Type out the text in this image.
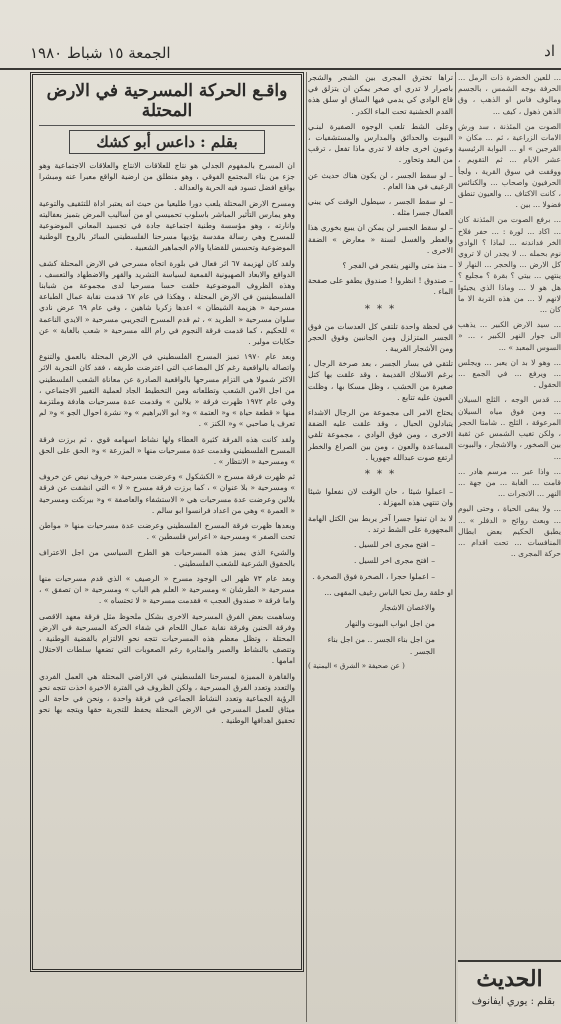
الجمعة ١٥ شباط ١٩٨٠	اد
واقـع الحركة المسرحية في الارض المحتلة
بقلم : داعس أبو كشك

ان المسرح بالمفهوم الجدلي هو نتاج للعلاقات الانتاج والعلاقات الاجتماعية وهو جزء من بناء المجتمع الفوقي ، وهو منطلق من ارضية الواقع معبرا عنه ومبشرا بواقع افضل تسود فيه الحرية والعدالة .

ومسرح الارض المحتلة يلعب دورا طليعيا من حيث انه يعتبر اداة للتثقيف والتوعية وهو يمارس التأثير المباشر باسلوب تحميسي او من أساليب المرض بتميز بعفاليته وانارته ، وهو مؤسسة وطنية اجتماعية جادة في تجسيد المعاني الموضوعية للمسرح وهي رسالة مقدسة يؤديها مسرحنا الفلسطيني السائر بالروح الوطنية الموضوعية وتحسس للقضايا والام الجماهير الشعبية .

ولقد كان لهزيمة ٦٧ اثر فعال في بلورة اتجاه مسرحي في الارض المحتلة كشف الدوافع والابعاد الصهيونية القمعية لسياسة التشريد والقهر والاضطهاد والتعسف ، وهذه الظروف الموضوعية خلقت حسا مسرحيا لدى مجموعة من شبابنا الفلسطينيين في الارض المحتلة ، وهكذا في عام ٦٧ قدمت نقابة عمال الطباعة مسرحية « هزيمة الشيطان » اعدها زكريا شاهين ، وفي عام ٦٩ عرض نادي سلوان مسرحية « الطريد » ، ثم قدم المسرح التجريبي مسرحية « الايدي الناعمة » للحكيم ، كما قدمت فرقة النجوم في رام الله مسرحية « شعب بالغابة » عن حكايات مولير .

وبعد عام ١٩٧٠ تميز المسرح الفلسطيني في الارض المحتلة بالعمق والتنوع واتصاله بالواقعية رغم كل المصاعب التي اعترضت طريقه ، فقد كان التجربة الاثر الاكثر شمولا هي التزام مسرحها بالواقعية الصادرة عن معاناة الشعب الفلسطيني من اجل الامن الشعب وتطلعاته ومن التخطيط الجاد لعملية التغيير الاجتماعي ، وفي عام ١٩٧٢ ظهرت فرقة « بلالين » وقدمت عدة مسرحيات هادفة وملتزمة منها « قطعة حياة » و« العتمة » و« ابو الابراهيم » و« نشرة احوال الجو » و« لم تعرف يا صاحبي » و« الكنز » .

ولقد كانت هذه الفرقة كثيرة العطاء ولها نشاط اسهامه قوي ، ثم برزت فرقة المسرح الفلسطيني وقدمت عدة مسرحيات منها « المزرعة » و« الحق على الحق » ومسرحية « الانتظار » .

ثم ظهرت فرقة مسرح « الكشكول » وعرضت مسرحية « خروف نيص عن خروف » ومسرحية « بلا عنوان » ، كما برزت فرقة مسرح « لا » التي انشقت عن فرقة بلالين وعرضت عدة مسرحيات هي « الاستشفاء والعاصفة » و« بيرنكت ومسرحية « العمرة » وهي من اعداد فرانسوا ابو سالم .

وبعدها ظهرت فرقة المسرح الفلسطيني وعرضت عدة مسرحيات منها « مواطن تحت الصفر » ومسرحية « اعراس فلسطين » .

والشيء الذي يميز هذه المسرحيات هو الطرح السياسي من اجل الاعتراف بالحقوق الشرعية للشعب الفلسطيني .

وبعد عام ٧٣ ظهر الى الوجود مسرح « الرصيف » الذي قدم مسرحيات منها مسرحية « الطرشان » ومسرحية « العلم هم الباب » ومسرحية « ان تصفق » ، واما فرقة « صندوق العجب » فقدمت مسرحية « لا تحتساه » .

وساهمت بعض الفرق المسرحية الاخرى بشكل ملحوظ مثل فرقة معهد الاقصى وفرقة الحنين وفرقة نقابة عمال اللحام في شقاء الحركة المسرحية في الارض المحتلة ، وتظل معظم هذه المسرحيات تتجه نحو الالتزام بالقضية الوطنية ، وتتصف بالنشاط والصبر والمثابرة رغم الصعوبات التي تضعها سلطات الاحتلال امامها .

والقاهرة المميزة لمسرحنا الفلسطيني في الاراضي المحتلة هي العمل الفردي والتعدد وتعدد الفرق المسرحية ، ولكن الظروف في الفترة الاخيرة اخذت تتجه نحو الرؤية الجماعية وتعدد النشاط الجماعي في فرقة واحدة ، ونحن في حاجة الى ميثاق للعمل المسرحي في الارض المحتلة يحفظ للتجربة حقها ويتجه بها نحو تحقيق اهدافها الوطنية .

تراها تخترق المجرى بين الشجر والشجر باصرار لا تدري اي صخر يمكن ان يتزلق في قاع الوادي كي يدمي فيها الساق او سلق هذه القدم الخشنية تحت الماء الكدر .

وعلى الشط تلعب الوجوه الصفيرة لبنـي البيوت والحدائق والمدارس والمستشفيات ، وعيون اخرى جافة لا تدري ماذا تفعل ، ترقب من البعد وتحاور .

– لو سقط الجسر ، لن يكون هناك حديث عن الرغيف في هذا العام .

– لو سقط الجسر ، سيطول الوقت كي يبني العمال جسرا مثله .

– لو سقط الجسر لن يمكن ان يبيع بخوري هذا والعطر والغسل لسنة « معارض » الضفة الاخرى .

– منذ متى والنهر يتفجر في الفجر ؟

– صندوق ! انظروا ! صندوق يطفو على صفحة الماء .

* * *

في لحظة واحدة تلتقي كل العدسات من فوق الجسر المتزلزل ومن الجانبين وفوق الحجر ومن الأشجار القريبة .

تلتقي في بسار الجسر ، بعد صرخة الرجال ، برغم الاسلاك القديمة ، وقد علقت بها كتل صغيرة من الخشب ، وظل مسكا بها ، وظلت العيون عليه تتابع .

يحتاج الامر الى مجموعة من الرجال الاشداء يتبادلون الحبال ، وقد علقت عليه الضفة الاخرى ، ومن فوق الوادي ، مجموعة تلقي المساعدة والعون ، ومن بين الصراع والخطر ارتفع صوت عبدالله جهوريا .

* * *

– اعملوا شيئا ، حان الوقت لان نفعلوا شيئا وان تنتهي هذه المهزلة .

لا بد ان تبنوا جسرا آخر يربط بين الكتل الهامة المجهورة على الشط ترتد .

– افتح مجرى اخر للسيل .
– افتح مجرى اخر للسيل .
– اعملوا حجرا ، الصخرة فوق الصخرة .

او خلقة رمل تحيا الباس رغيف المقهى ...

والاغصان الاشجار
من اجل ابواب البيوت والنهار
من اجل بناء الجسر .. من اجل بناء الجسر .
( عن صحيفة « الشرق » اليمنية )

... للعين الخضرة ذات الرمل ... الحرفة بوجه الشمس ، بالجسم ومالوف فاس او الذهب ، وق الذهن ذهول ، كيف ...

الصوت من المئذنة ، سد ورش الامات الزراعية ، ثم ... مكان « القرجين » او ... البوابة الرئيسية عشر الايام ... ثم التقويم ، ووقفت في سوق القرية ، ولجأ الحرفيون واصحاب ... والكنائس ، كانت الاكتاف ... والعيون تنطق فضولا ... بين .

... برفع الصوت من المئذنة كان ... اكاد ... لورة : ... حفر فلاح الخر فداندنه ... لماذا ؟ الوادي نوم بحمله ... لا يجدر ان لا تروي كل الارض ... والحجر ... النهار لا ينتهي ... بيتي ؟ بقرة ؟ مجليع ؟ هل هو لا ... وماذا الذي يجيئوا لانهم لا ... من هذه التربة الا ما كان ...

... سيد الارض الكبير ... يذهب الى جوار النهر الكبير ، ... « السوس المعبد » ...

... وهو لا بد ان يعبر ... ويجلس ... ويرفع ... في الجمع ... الحقول .

... قدس الوجه ، الثلج السيلان ... ومن فوق مياه السيلان المرعوقة ، الثلج .. شامتا الحجر ، ولكن تغيب الشمس عن ثقبة بين الصخور ، والاشجار ، والبيوت ...

... واذا عبر ... مرسم هادر ... قامت ... الغابة ... من جهة ... النهر ... الانجرات ...

... ولا يبقى الحياة ، وحتى اليوم ... وبعث روائح « الدفلر » ... يطبق الحكيم بعض ابطال المنافسات ... تحت اقدام ... حركة المجرى ..

الحديث
بقلم : يوري ايفانوف
